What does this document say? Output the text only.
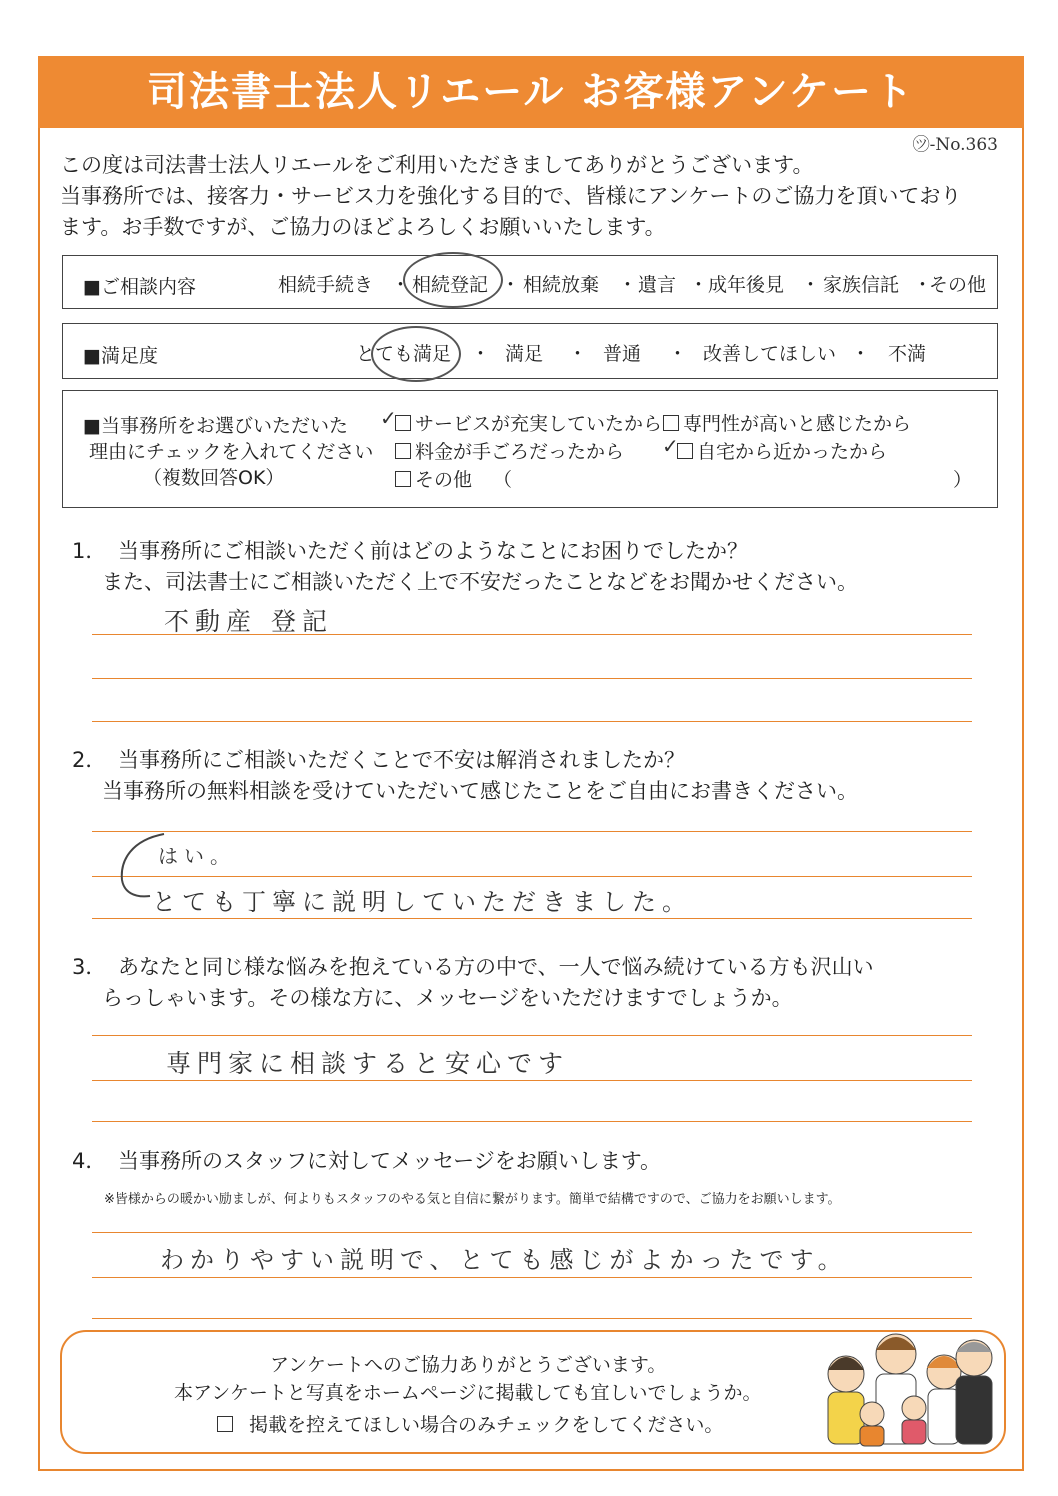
司法書士法人リエール お客様アンケート
㋡-No.363
この度は司法書士法人リエールをご利用いただきましてありがとうございます。
当事務所では、接客力・サービス力を強化する目的で、皆様にアンケートのご協力を頂いており
ます。お手数ですが、ご協力のほどよろしくお願いいたします。
■ご相談内容	相続手続き ・ 相続登記 ・ 相続放棄 ・ 遺言 ・ 成年後見 ・ 家族信託 ・
その他
■満足度	とても満足 ・ 満足 ・ 普通 ・ 改善してほしい ・ 不満
■当事務所をお選びいただいた
理由にチェックを入れてください
（複数回答OK）
✓サービスが充実していたから	専門性が高いと感じたから
料金が手ごろだったから
✓	自宅から近かったから
その他 （	）
1． 当事務所にご相談いただく前はどのようなことにお困りでしたか？
また、司法書士にご相談いただく上で不安だったことなどをお聞かせください。
不動産 登記
2． 当事務所にご相談いただくことで不安は解消されましたか？
当事務所の無料相談を受けていただいて感じたことをご自由にお書きください。
はい。
とても丁寧に説明していただきました。
3． あなたと同じ様な悩みを抱えている方の中で、一人で悩み続けている方も沢山い
らっしゃいます。その様な方に、メッセージをいただけますでしょうか。
専門家に相談すると安心です
4． 当事務所のスタッフに対してメッセージをお願いします。
※皆様からの暖かい励ましが、何よりもスタッフのやる気と自信に繋がります。簡単で結構ですので、ご協力をお願いします。
わかりやすい説明で、とても感じがよかったです。
アンケートへのご協力ありがとうございます。
本アンケートと写真をホームページに掲載しても宜しいでしょうか。
掲載を控えてほしい場合のみチェックをしてください。
